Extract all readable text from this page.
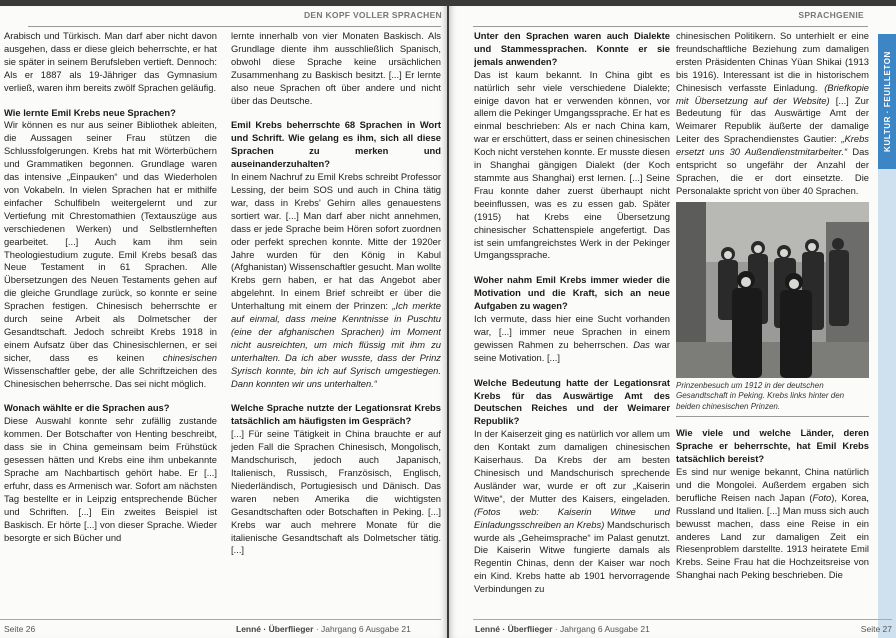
DEN KOPF VOLLER SPRACHEN

Arabisch und Türkisch. Man darf aber nicht davon ausgehen, dass er diese gleich beherrschte, er hat sie später in seinem Berufsleben vertieft. Dennoch: Als er 1887 als 19-Jähriger das Gymnasium verließ, waren ihm bereits zwölf Sprachen geläufig.

Wie lernte Emil Krebs neue Sprachen?

Wir können es nur aus seiner Bibliothek ableiten, die Aussagen seiner Frau stützen die Schlussfolgerungen. Krebs hat mit Wörterbüchern und Grammatiken begonnen. Grundlage waren das intensive „Einpauken“ und das Wiederholen von Vokabeln. In vielen Sprachen hat er mithilfe einfacher Schulfibeln weitergelernt und zur Vertiefung mit Chrestomathien (Textauszüge aus verschiedenen Werken) und Selbstlernheften gearbeitet. [...] Auch kam ihm sein Theologiestudium zugute. Emil Krebs besaß das Neue Testament in 61 Sprachen. Alle Übersetzungen des Neuen Testaments gehen auf die gleiche Grundlage zurück, so konnte er seine Sprachen festigen. Chinesisch beherrschte er durch seine Arbeit als Dolmetscher der Gesandtschaft. Jedoch schreibt Krebs 1918 in einem Aufsatz über das Chinesischlernen, er sei sicher, dass es keinen chinesischen Wissenschaftler gebe, der alle Schriftzeichen des Chinesischen beherrsche. Das sei nicht möglich.

Wonach wählte er die Sprachen aus?

Diese Auswahl konnte sehr zufällig zustande kommen. Der Botschafter von Henting beschreibt, dass sie in China gemeinsam beim Frühstück gesessen hätten und Krebs eine ihm unbekannte Sprache am Nachbartisch gehört habe. Er [...] erfuhr, dass es Armenisch war. Sofort am nächsten Tag bestellte er in Leipzig entsprechende Bücher und Schriften. [...] Ein zweites Beispiel ist Baskisch. Er hörte [...] von dieser Sprache. Wieder besorgte er sich Bücher und

lernte innerhalb von vier Monaten Baskisch. Als Grundlage diente ihm ausschließlich Spanisch, obwohl diese Sprache keine ursächlichen Zusammenhang zu Baskisch besitzt. [...] Er lernte also neue Sprachen oft über andere und nicht über das Deutsche.

Emil Krebs beherrschte 68 Sprachen in Wort und Schrift. Wie gelang es ihm, sich all diese Sprachen zu merken und auseinanderzuhalten?

In einem Nachruf zu Emil Krebs schreibt Professor Lessing, der beim SOS und auch in China tätig war, dass in Krebs' Gehirn alles genauestens sortiert war. [...] Man darf aber nicht annehmen, dass er jede Sprache beim Hören sofort zuordnen oder perfekt sprechen konnte. Mitte der 1920er Jahre wurden für den König in Kabul (Afghanistan) Wissenschaftler gesucht. Man wollte Krebs gern haben, er hat das Angebot aber abgelehnt. In einem Brief schreibt er über die Unterhaltung mit einem der Prinzen: „Ich merkte auf einmal, dass meine Kenntnisse in Puschtu (eine der afghanischen Sprachen) im Moment nicht ausreichten, um mich flüssig mit ihm zu unterhalten. Da ich aber wusste, dass der Prinz Syrisch konnte, bin ich auf Syrisch umgestiegen. Dann konnten wir uns unterhalten.“

Welche Sprache nutzte der Legationsrat Krebs tatsächlich am häufigsten im Gespräch?

[...] Für seine Tätigkeit in China brauchte er auf jeden Fall die Sprachen Chinesisch, Mongolisch, Mandschurisch, jedoch auch Japanisch, Italienisch, Russisch, Französisch, Englisch, Niederländisch, Portugiesisch und Dänisch. Das waren neben Amerika die wichtigsten Gesandtschaften oder Botschaften in Peking. [...] Krebs war auch mehrere Monate für die italienische Gesandtschaft als Dolmetscher tätig. [...]

Seite 26	Lenné · Überflieger · Jahrgang 6 Ausgabe 21
SPRACHGENIE
Unter den Sprachen waren auch Dialekte und Stammessprachen. Konnte er sie jemals anwenden?

Das ist kaum bekannt. In China gibt es natürlich sehr viele verschiedene Dialekte; einige davon hat er verwenden können, vor allem die Pekinger Umgangssprache. Er hat es einmal beschrieben: Als er nach China kam, war er erschüttert, dass er seinen chinesischen Koch nicht verstehen konnte. Er musste diesen in Shanghai gängigen Dialekt (der Koch stammte aus Shanghai) erst lernen. [...] Seine Frau konnte daher zuerst überhaupt nicht beeinflussen, was es zu essen gab. Später (1915) hat Krebs eine Übersetzung chinesischer Schattenspiele angefertigt. Das ist sein umfangreichstes Werk in der Pekinger Umgangssprache.

Woher nahm Emil Krebs immer wieder die Motivation und die Kraft, sich an neue Aufgaben zu wagen?

Ich vermute, dass hier eine Sucht vorhanden war, [...] immer neue Sprachen in einem gewissen Rahmen zu beherrschen. Das war seine Motivation. [...]

Welche Bedeutung hatte der Legationsrat Krebs für das Auswärtige Amt des Deutschen Reiches und der Weimarer Republik?

In der Kaiserzeit ging es natürlich vor allem um den Kontakt zum damaligen chinesischen Kaiserhaus. Da Krebs der am besten Chinesisch und Mandschurisch sprechende Ausländer war, wurde er oft zur „Kaiserin Witwe“, der Mutter des Kaisers, eingeladen. (Fotos web: Kaiserin Witwe und Einladungsschreiben an Krebs) Mandschurisch wurde als „Geheimsprache“ im Palast genutzt. Die Kaiserin Witwe fungierte damals als Regentin Chinas, denn der Kaiser war noch ein Kind. Krebs hatte ab 1901 hervorragende Verbindungen zu

chinesischen Politikern. So unterhielt er eine freundschaftliche Beziehung zum damaligen ersten Präsidenten Chinas Yüan Shikai (1913 bis 1916). Interessant ist die in historischem Chinesisch verfasste Einladung. (Briefkopie mit Übersetzung auf der Website) [...] Zur Bedeutung für das Auswärtige Amt der Weimarer Republik äußerte der damalige Leiter des Sprachendienstes Gautier: „Krebs ersetzt uns 30 Außendienstmitarbeiter.“ Das entspricht so ungefähr der Anzahl der Sprachen, die er dort einsetzte. Die Personalakte spricht von über 40 Sprachen.

Prinzenbesuch um 1912 in der deutschen Gesandtschaft in Peking. Krebs links hinter den beiden chinesischen Prinzen.
Wie viele und welche Länder, deren Sprache er beherrschte, hat Emil Krebs tatsächlich bereist?

Es sind nur wenige bekannt, China natürlich und die Mongolei. Außerdem ergaben sich berufliche Reisen nach Japan (Foto), Korea, Russland und Italien. [...] Man muss sich auch bewusst machen, dass eine Reise in ein anderes Land zur damaligen Zeit ein Riesenproblem darstellte. 1913 heiratete Emil Krebs. Seine Frau hat die Hochzeitsreise von Shanghai nach Peking beschrieben. Die

KULTUR · FEUILLETON
Lenné · Überflieger · Jahrgang 6 Ausgabe 21	Seite 27
